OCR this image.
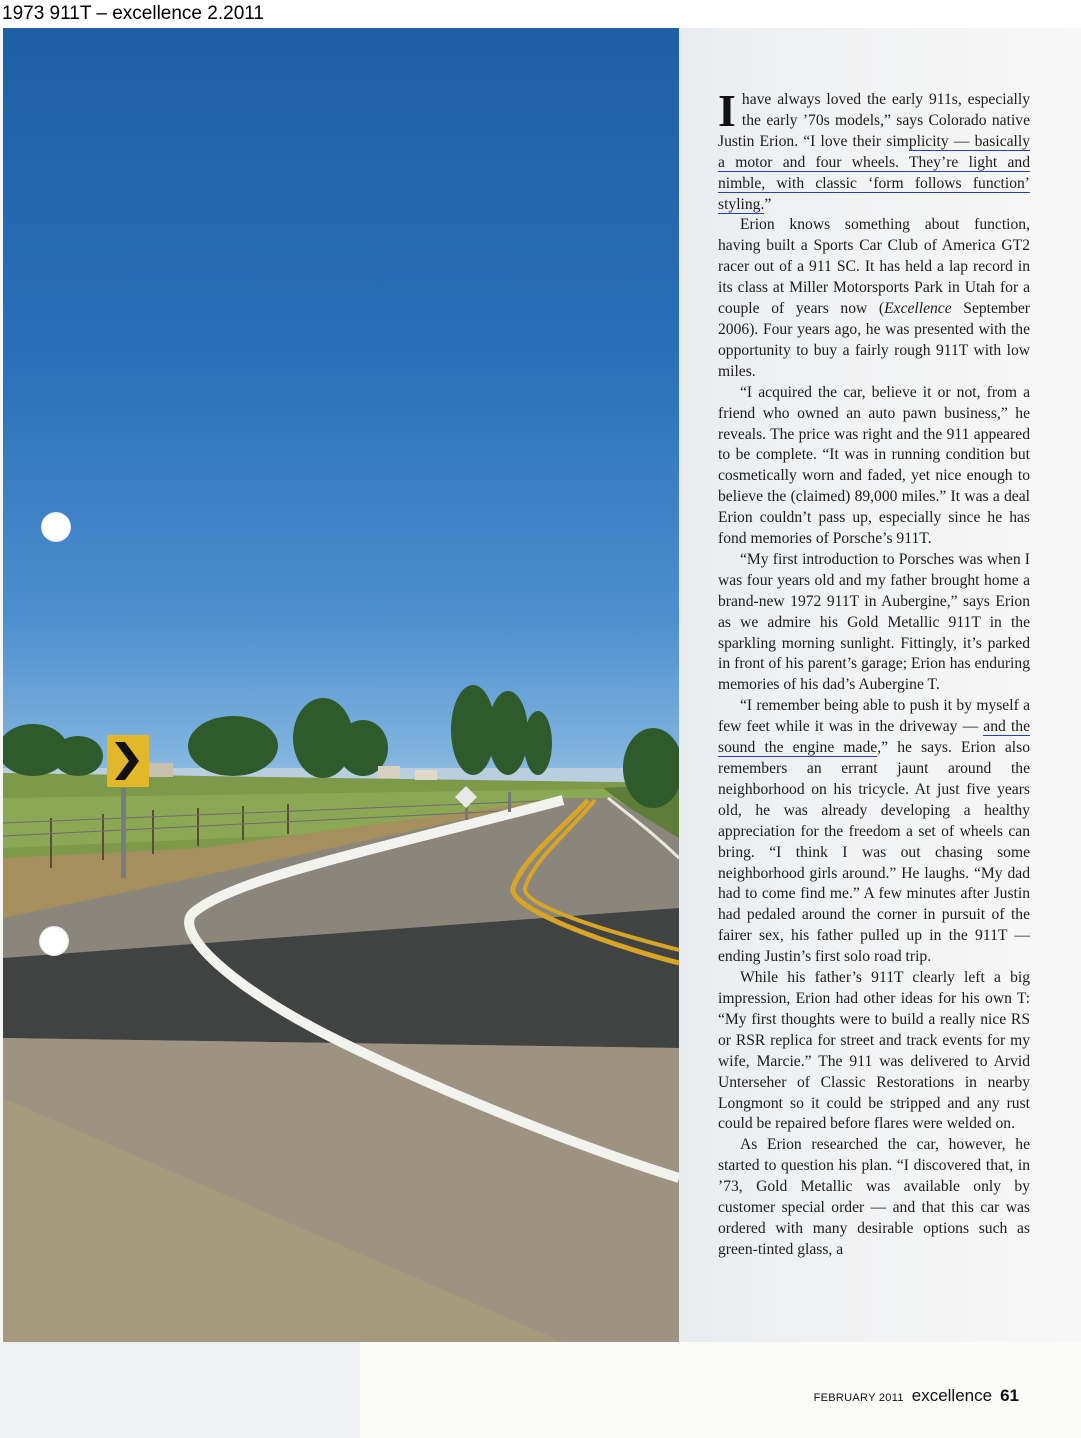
1973 911T – excellence 2.2011

I have always loved the early 911s, especially the early ’70s models,” says Colorado native Justin Erion. “I love their simplicity — basically a motor and four wheels. They’re light and nimble, with classic ‘form follows function’ styling.”

Erion knows something about function, having built a Sports Car Club of America GT2 racer out of a 911 SC. It has held a lap record in its class at Miller Motorsports Park in Utah for a couple of years now (Excellence September 2006). Four years ago, he was presented with the opportunity to buy a fairly rough 911T with low miles.

“I acquired the car, believe it or not, from a friend who owned an auto pawn business,” he reveals. The price was right and the 911 appeared to be complete. “It was in running condition but cosmetically worn and faded, yet nice enough to believe the (claimed) 89,000 miles.” It was a deal Erion couldn’t pass up, especially since he has fond memories of Porsche’s 911T.

“My first introduction to Porsches was when I was four years old and my father brought home a brand-new 1972 911T in Aubergine,” says Erion as we admire his Gold Metallic 911T in the sparkling morning sunlight. Fittingly, it’s parked in front of his parent’s garage; Erion has enduring memories of his dad’s Aubergine T.

“I remember being able to push it by myself a few feet while it was in the driveway — and the sound the engine made,” he says. Erion also remembers an errant jaunt around the neighborhood on his tricycle. At just five years old, he was already developing a healthy appreciation for the freedom a set of wheels can bring. “I think I was out chasing some neighborhood girls around.” He laughs. “My dad had to come find me.” A few minutes after Justin had pedaled around the corner in pursuit of the fairer sex, his father pulled up in the 911T — ending Justin’s first solo road trip.

While his father’s 911T clearly left a big impression, Erion had other ideas for his own T: “My first thoughts were to build a really nice RS or RSR replica for street and track events for my wife, Marcie.” The 911 was delivered to Arvid Unterseher of Classic Restorations in nearby Longmont so it could be stripped and any rust could be repaired before flares were welded on.

As Erion researched the car, however, he started to question his plan. “I discovered that, in ’73, Gold Metallic was available only by customer special order — and that this car was ordered with many desirable options such as green-tinted glass, a

FEBRUARY 2011 excellence 61
